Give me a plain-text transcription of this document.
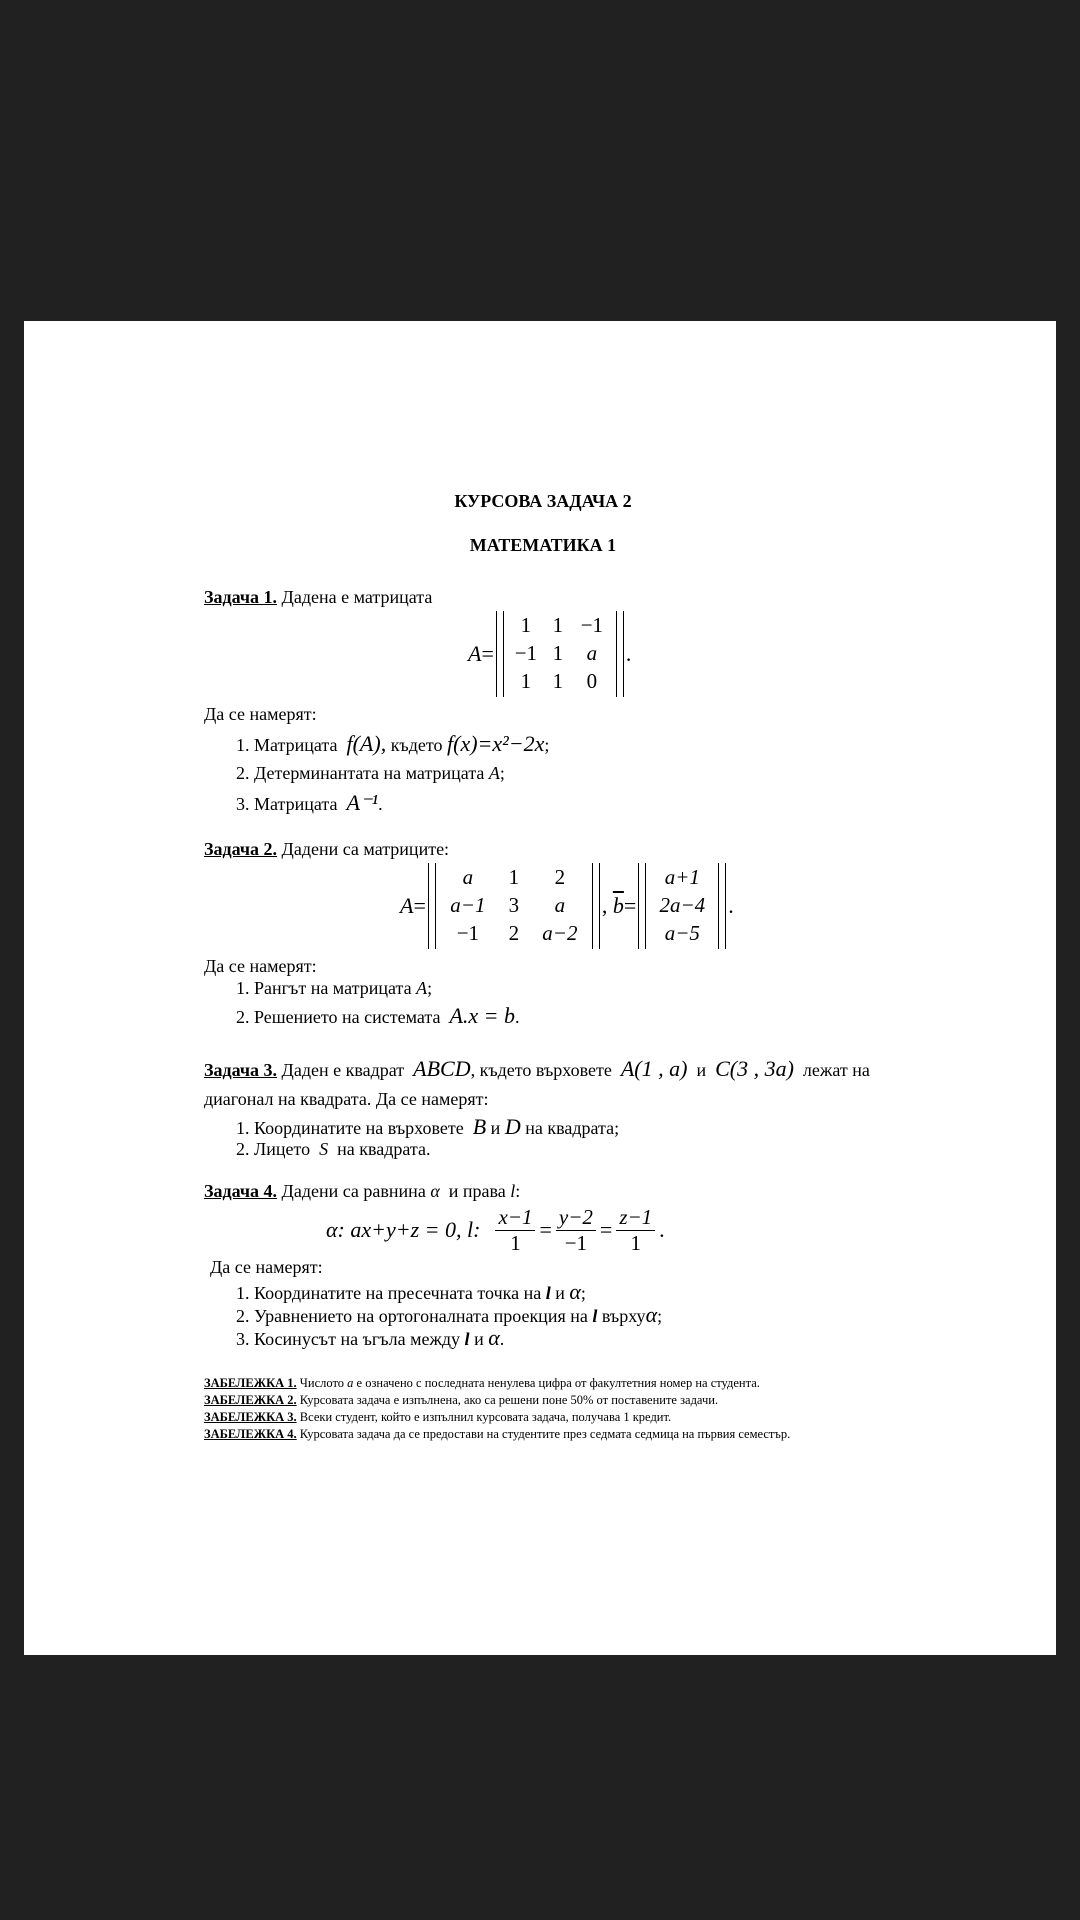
КУРСОВА ЗАДАЧА 2
МАТЕМАТИКА 1
Задача 1. Дадена е матрицата
A =
1	1 −1
−1 1	a
1	1	0
.
Да се намерят:
1. Матрицата f(A), където f(x)=x²−2x;
2. Детерминантата на матрицата A;
3. Матрицата A⁻¹.
Задача 2. Дадени са матриците:
A =
a	1	2
a−1	3	a
−1	2	a−2
, $\overline{b}$ =
a+1
2a−4
a−5
.
Да се намерят:
1. Рангът на матрицата A;
2. Решението на системата A.x = b.
Задача 3. Даден е квадрат ABCD, където върховете A(1 , a) и C(3 , 3a) лежат на
диагонал на квадрата. Да се намерят:
1. Координатите на върховете B и D на квадрата;
2. Лицето S на квадрата.
Задача 4. Дадени са равнина α и права l:
α: ax+y+z = 0,
l:
$\frac{x-1}{1} = \frac{y-2}{-1} = \frac{z-1}{1}$ .
Да се намерят:
1. Координатите на пресечната точка на l и α;
2. Уравнението на ортогоналната проекция на l върхуα;
3. Косинусът на ъгъла между l и α.
ЗАБЕЛЕЖКА 1. Числото a е означено с последната ненулева цифра от факултетния номер на студента.
ЗАБЕЛЕЖКА 2. Курсовата задача е изпълнена, ако са решени поне 50% от поставените задачи.
ЗАБЕЛЕЖКА 3. Всеки студент, който е изпълнил курсовата задача, получава 1 кредит.
ЗАБЕЛЕЖКА 4. Курсовата задача да се предостави на студентите през седмата седмица на първия семестър.
